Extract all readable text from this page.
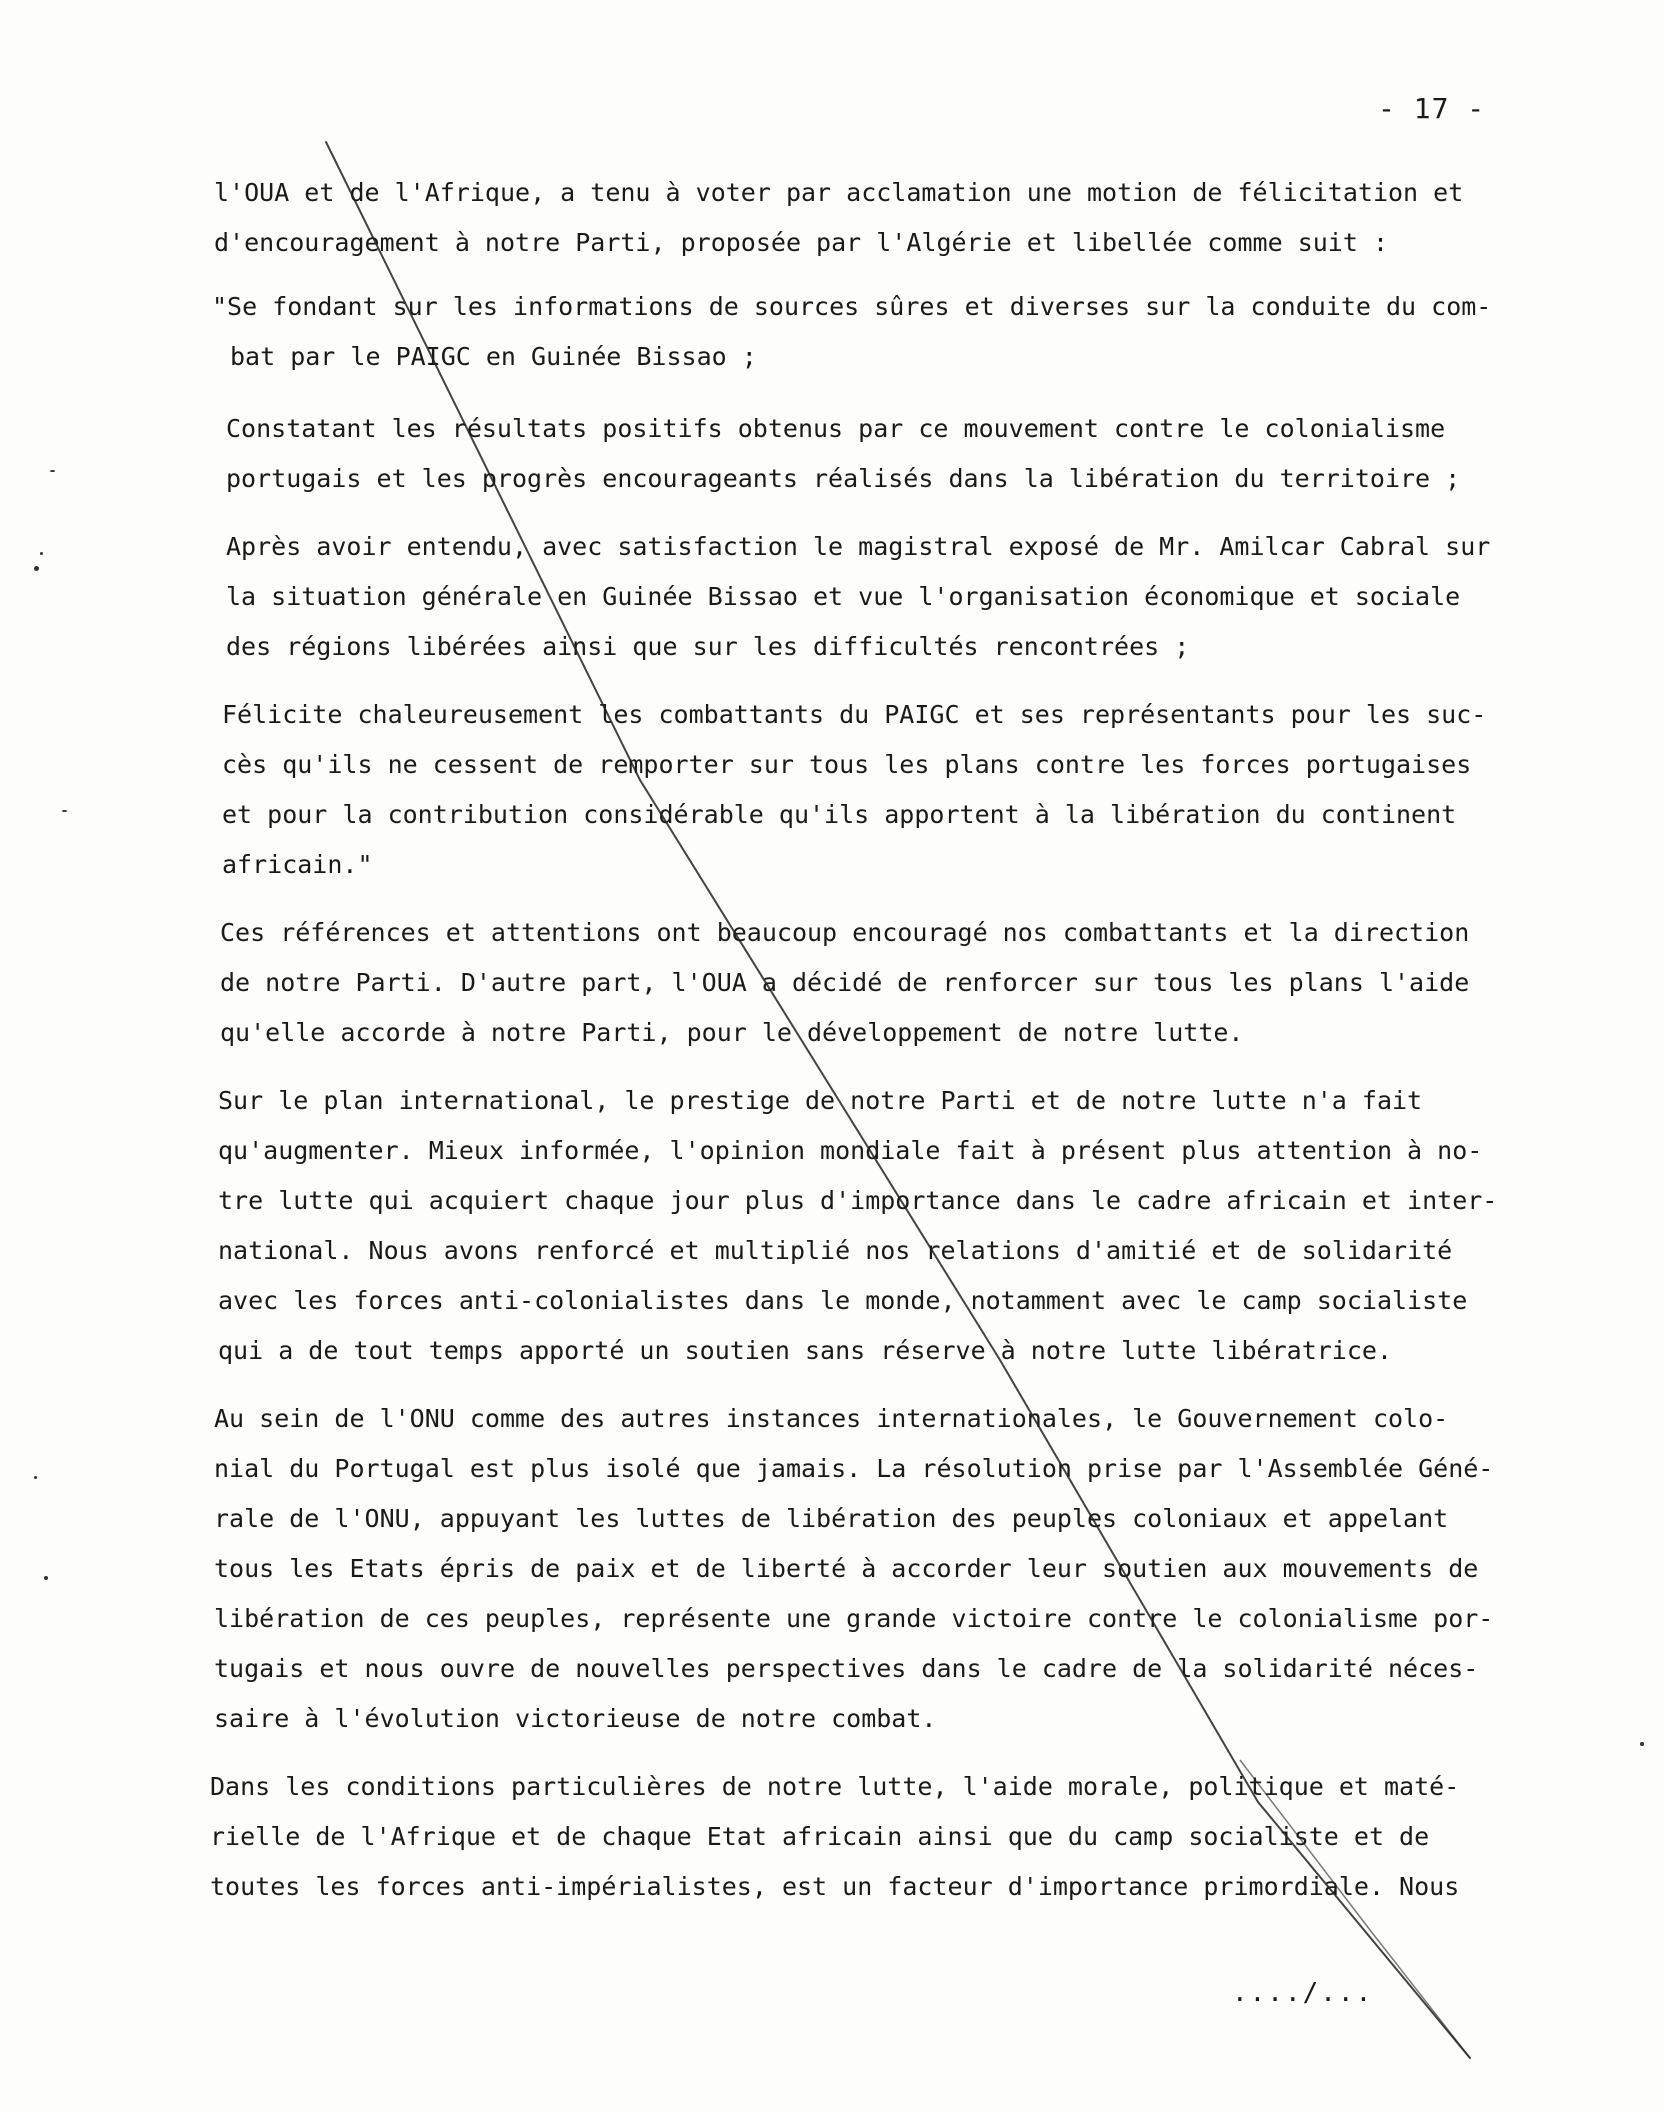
- 17 -
l'OUA et de l'Afrique, a tenu à voter par acclamation une motion de félicitation et
d'encouragement à notre Parti, proposée par l'Algérie et libellée comme suit :
"Se fondant sur les informations de sources sûres et diverses sur la conduite du com-
bat par le PAIGC en Guinée Bissao ;
Constatant les résultats positifs obtenus par ce mouvement contre le colonialisme
portugais et les progrès encourageants réalisés dans la libération du territoire ;
Après avoir entendu, avec satisfaction le magistral exposé de Mr. Amilcar Cabral sur
la situation générale en Guinée Bissao et vue l'organisation économique et sociale
des régions libérées ainsi que sur les difficultés rencontrées ;
Félicite chaleureusement les combattants du PAIGC et ses représentants pour les suc-
cès qu'ils ne cessent de remporter sur tous les plans contre les forces portugaises
et pour la contribution considérable qu'ils apportent à la libération du continent
africain."
Ces références et attentions ont beaucoup encouragé nos combattants et la direction
de notre Parti. D'autre part, l'OUA a décidé de renforcer sur tous les plans l'aide
qu'elle accorde à notre Parti, pour le développement de notre lutte.
Sur le plan international, le prestige de notre Parti et de notre lutte n'a fait
qu'augmenter. Mieux informée, l'opinion mondiale fait à présent plus attention à no-
tre lutte qui acquiert chaque jour plus d'importance dans le cadre africain et inter-
national. Nous avons renforcé et multiplié nos relations d'amitié et de solidarité
avec les forces anti-colonialistes dans le monde, notamment avec le camp socialiste
qui a de tout temps apporté un soutien sans réserve à notre lutte libératrice.
Au sein de l'ONU comme des autres instances internationales, le Gouvernement colo-
nial du Portugal est plus isolé que jamais. La résolution prise par l'Assemblée Géné-
rale de l'ONU, appuyant les luttes de libération des peuples coloniaux et appelant
tous les Etats épris de paix et de liberté à accorder leur soutien aux mouvements de
libération de ces peuples, représente une grande victoire contre le colonialisme por-
tugais et nous ouvre de nouvelles perspectives dans le cadre de la solidarité néces-
saire à l'évolution victorieuse de notre combat.
Dans les conditions particulières de notre lutte, l'aide morale, politique et maté-
rielle de l'Afrique et de chaque Etat africain ainsi que du camp socialiste et de
toutes les forces anti-impérialistes, est un facteur d'importance primordiale. Nous
..../...
